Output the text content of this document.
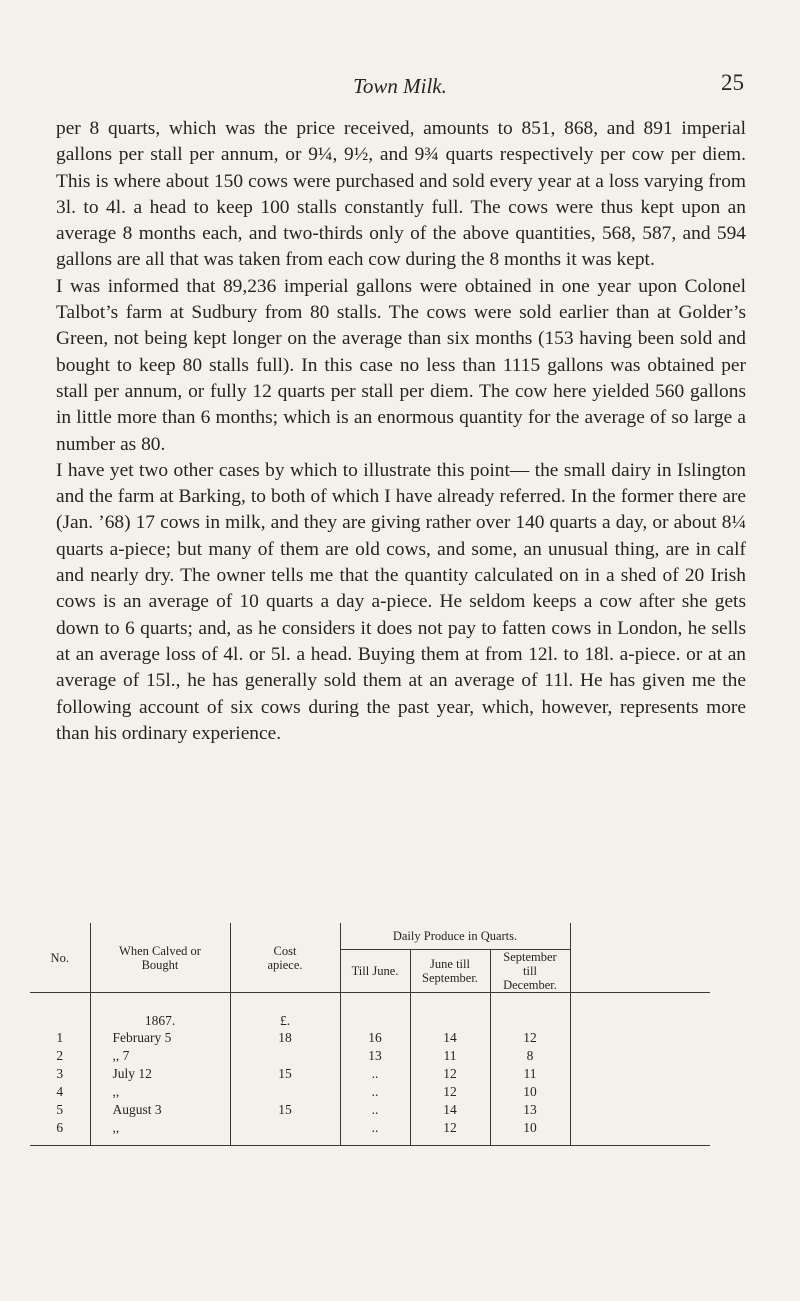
Town Milk.	25

per 8 quarts, which was the price received, amounts to 851, 868, and 891 imperial gallons per stall per annum, or 9¼, 9½, and 9¾ quarts respectively per cow per diem. This is where about 150 cows were purchased and sold every year at a loss varying from 3l. to 4l. a head to keep 100 stalls constantly full. The cows were thus kept upon an average 8 months each, and two-thirds only of the above quantities, 568, 587, and 594 gallons are all that was taken from each cow during the 8 months it was kept.

I was informed that 89,236 imperial gallons were obtained in one year upon Colonel Talbot’s farm at Sudbury from 80 stalls. The cows were sold earlier than at Golder’s Green, not being kept longer on the average than six months (153 having been sold and bought to keep 80 stalls full). In this case no less than 1115 gallons was obtained per stall per annum, or fully 12 quarts per stall per diem. The cow here yielded 560 gallons in little more than 6 months; which is an enormous quantity for the average of so large a number as 80.

I have yet two other cases by which to illustrate this point— the small dairy in Islington and the farm at Barking, to both of which I have already referred. In the former there are (Jan. ’68) 17 cows in milk, and they are giving rather over 140 quarts a day, or about 8¼ quarts a-piece; but many of them are old cows, and some, an unusual thing, are in calf and nearly dry. The owner tells me that the quantity calculated on in a shed of 20 Irish cows is an average of 10 quarts a day a-piece. He seldom keeps a cow after she gets down to 6 quarts; and, as he considers it does not pay to fatten cows in London, he sells at an average loss of 4l. or 5l. a head. Buying them at from 12l. to 18l. a-piece. or at an average of 15l., he has generally sold them at an average of 11l. He has given me the following account of six cows during the past year, which, however, represents more than his ordinary experience.

No.	When Calved or Bought	Cost apiece.	Daily Produce in Quarts.			
			Till June.	June till September.	September till December.	
	1867.	£.				
1	February 5	18	16	14	12	
2	,, 7		13	11	8	
3	July 12	15	..	12	11	
4	,,		..	12	10	
5	August 3	15	..	14	13	
6	,,		..	12	10	
